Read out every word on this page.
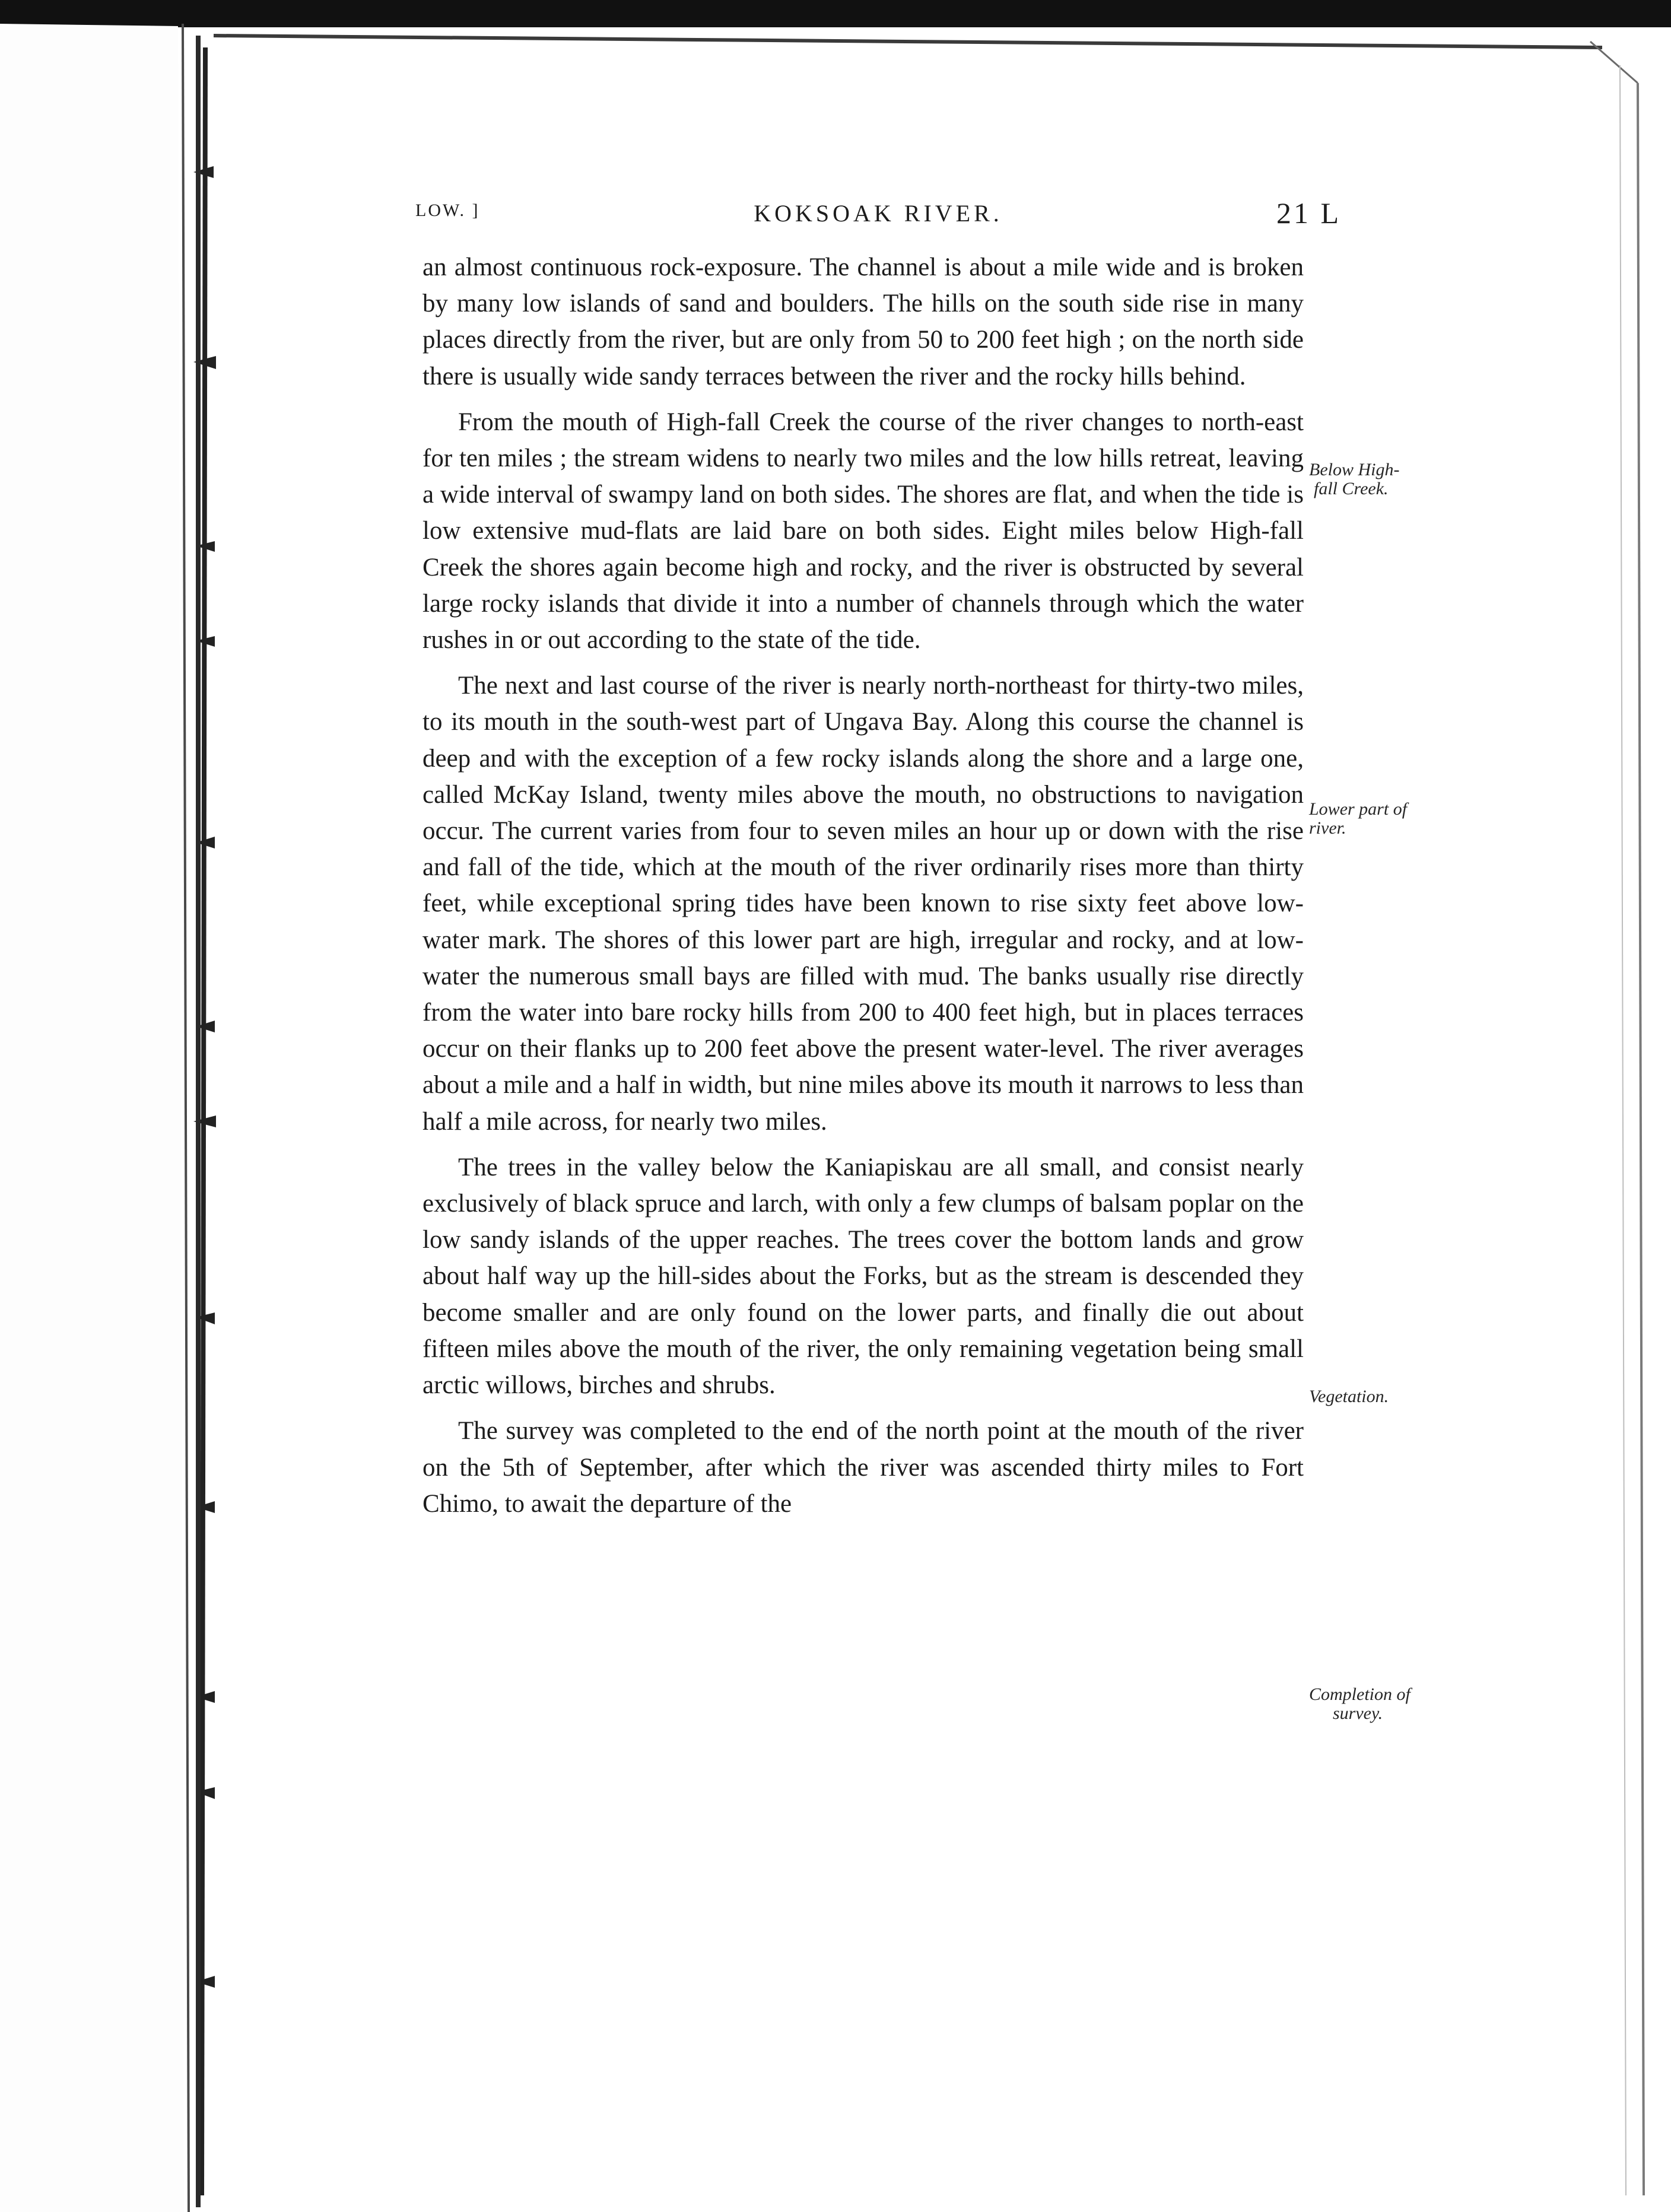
LOW. ]	KOKSOAK RIVER.	21 L

an almost continuous rock-exposure. The channel is about a mile wide and is broken by many low islands of sand and boulders. The hills on the south side rise in many places directly from the river, but are only from 50 to 200 feet high ; on the north side there is usually wide sandy terraces between the river and the rocky hills behind.

From the mouth of High-fall Creek the course of the river changes to north-east for ten miles ; the stream widens to nearly two miles and the low hills retreat, leaving a wide interval of swampy land on both sides. The shores are flat, and when the tide is low extensive mud-flats are laid bare on both sides. Eight miles below High-fall Creek the shores again become high and rocky, and the river is obstructed by several large rocky islands that divide it into a number of channels through which the water rushes in or out according to the state of the tide.

The next and last course of the river is nearly north-northeast for thirty-two miles, to its mouth in the south-west part of Ungava Bay. Along this course the channel is deep and with the exception of a few rocky islands along the shore and a large one, called McKay Island, twenty miles above the mouth, no obstructions to navigation occur. The current varies from four to seven miles an hour up or down with the rise and fall of the tide, which at the mouth of the river ordinarily rises more than thirty feet, while exceptional spring tides have been known to rise sixty feet above low-water mark. The shores of this lower part are high, irregular and rocky, and at low-water the numerous small bays are filled with mud. The banks usually rise directly from the water into bare rocky hills from 200 to 400 feet high, but in places terraces occur on their flanks up to 200 feet above the present water-level. The river averages about a mile and a half in width, but nine miles above its mouth it narrows to less than half a mile across, for nearly two miles.

The trees in the valley below the Kaniapiskau are all small, and consist nearly exclusively of black spruce and larch, with only a few clumps of balsam poplar on the low sandy islands of the upper reaches. The trees cover the bottom lands and grow about half way up the hill-sides about the Forks, but as the stream is descended they become smaller and are only found on the lower parts, and finally die out about fifteen miles above the mouth of the river, the only remaining vegetation being small arctic willows, birches and shrubs.

The survey was completed to the end of the north point at the mouth of the river on the 5th of September, after which the river was ascended thirty miles to Fort Chimo, to await the departure of the

Below High-

fall Creek.
Lower part of
river.
Vegetation.
Completion of

survey.
